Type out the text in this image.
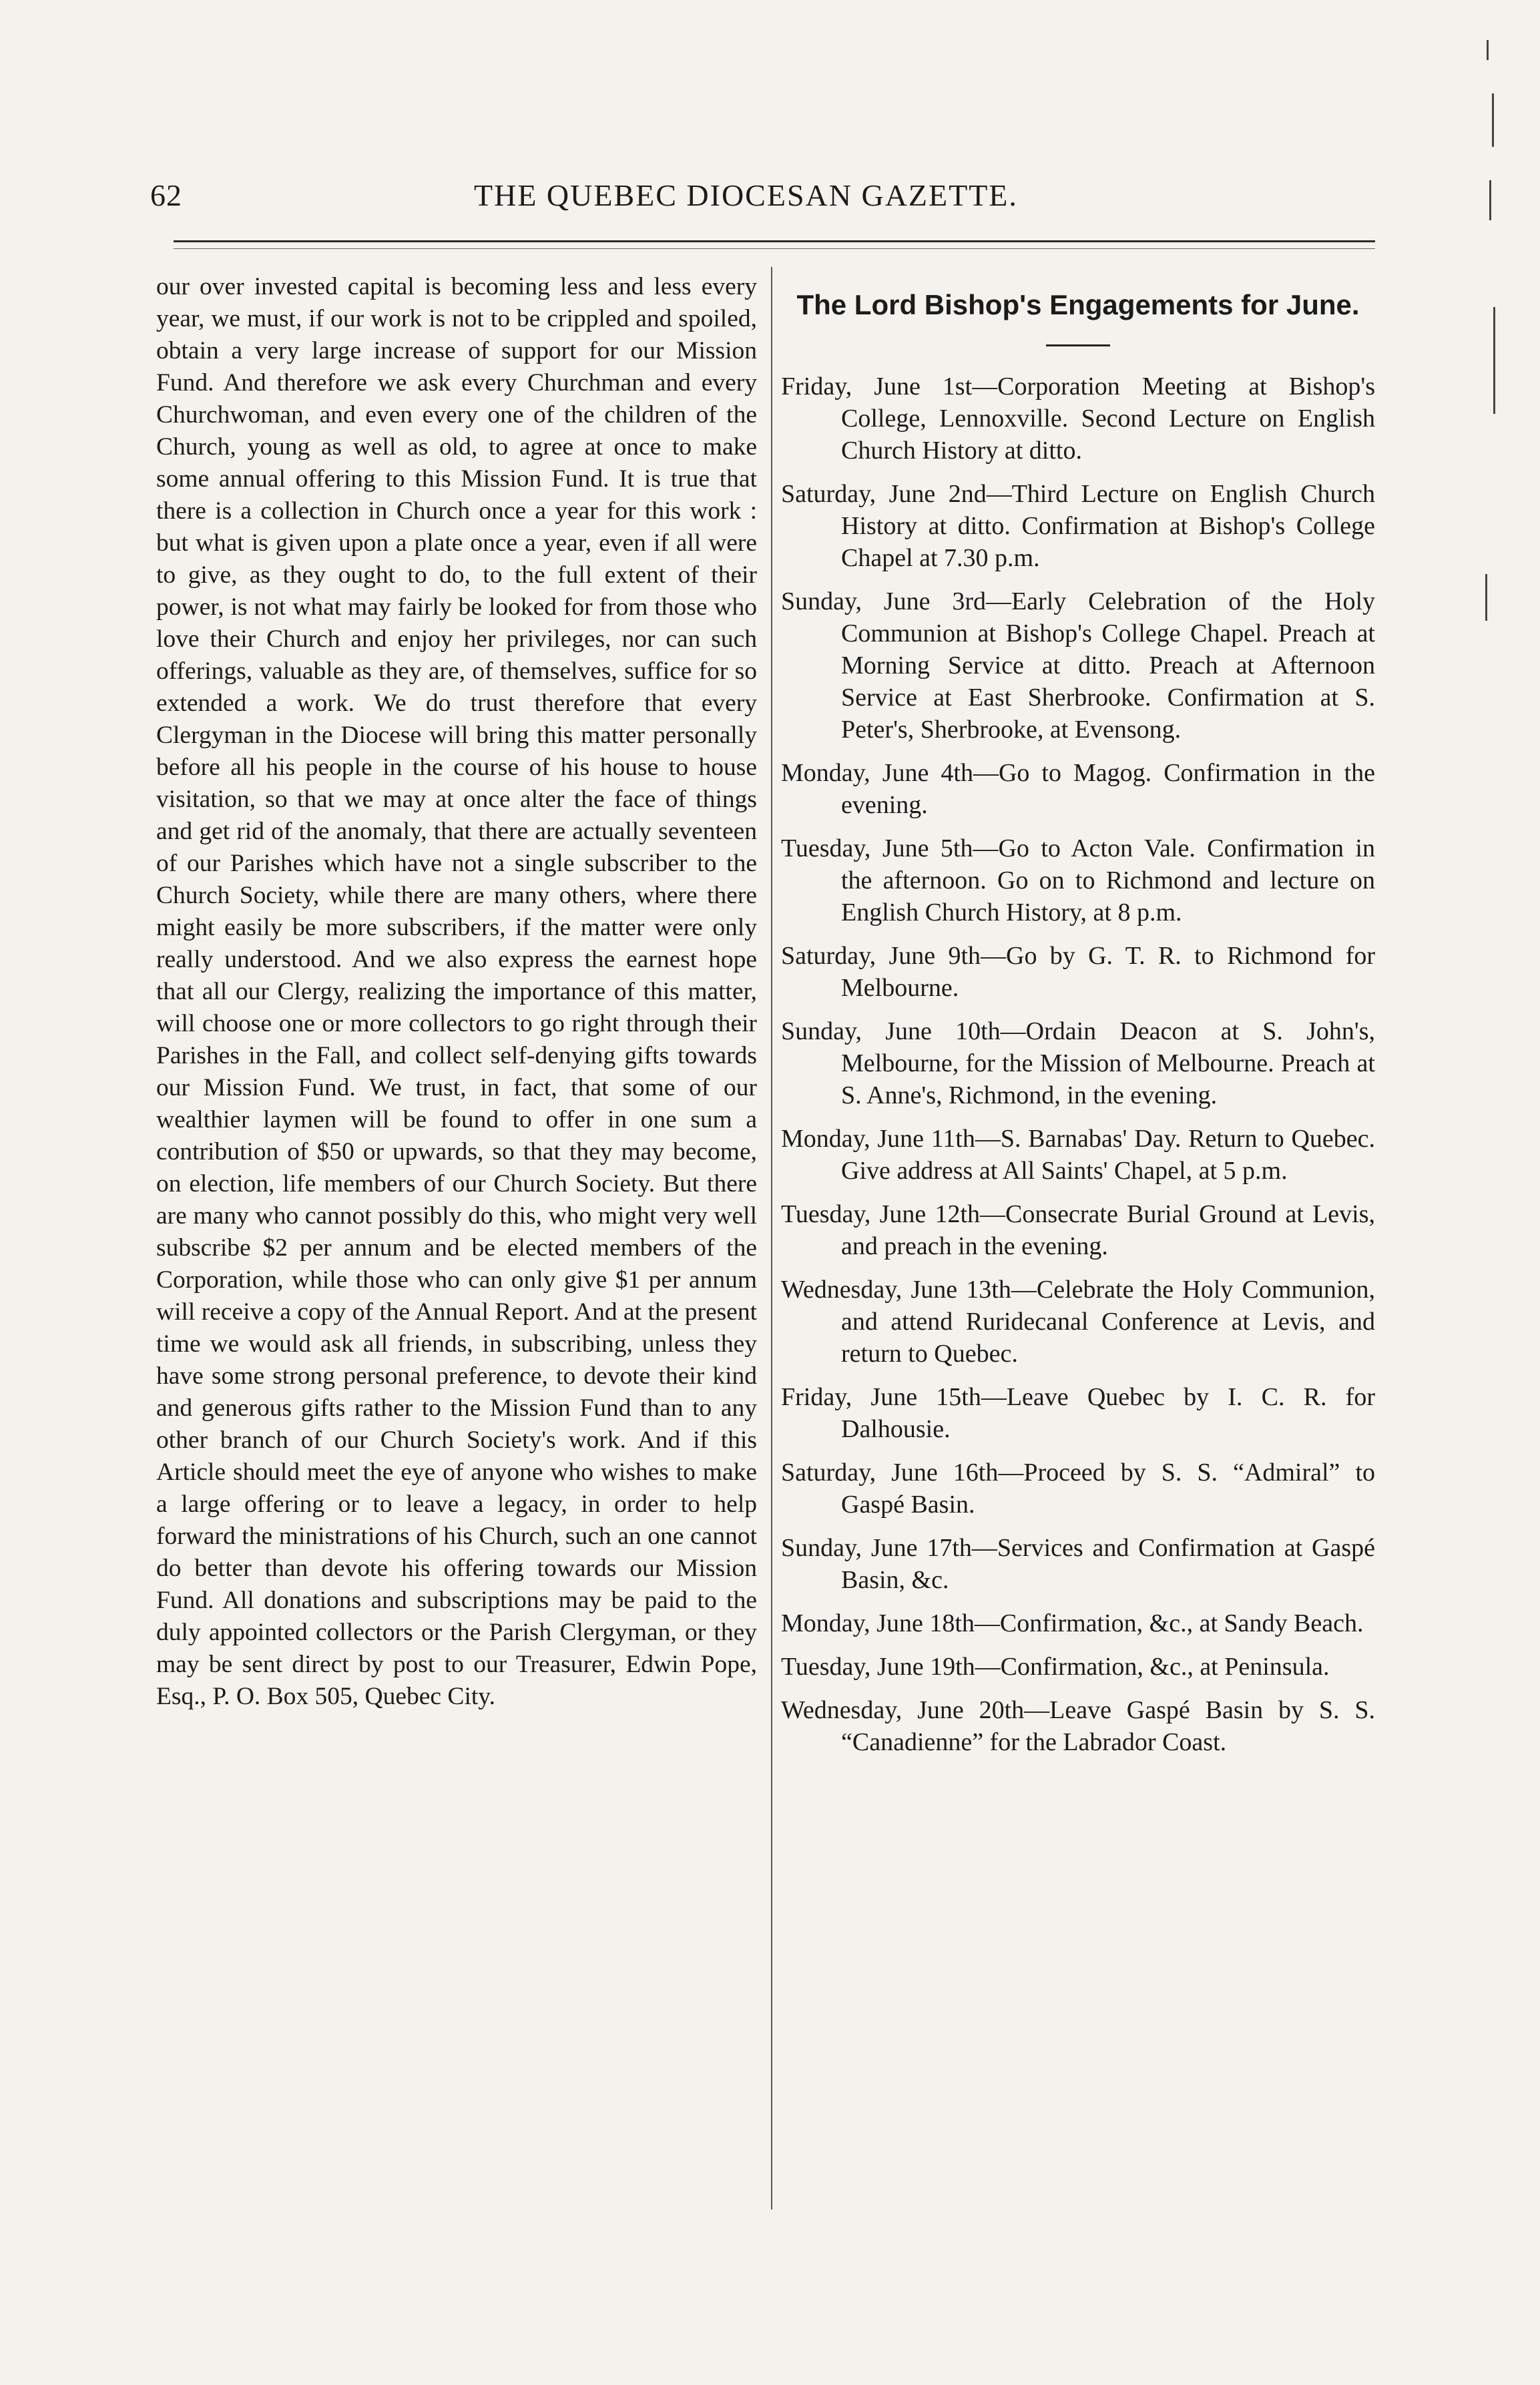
62	THE QUEBEC DIOCESAN GAZETTE.

our over invested capital is becoming less and less every year, we must, if our work is not to be crippled and spoiled, obtain a very large increase of support for our Mission Fund. And therefore we ask every Churchman and every Churchwoman, and even every one of the children of the Church, young as well as old, to agree at once to make some annual offering to this Mission Fund. It is true that there is a collection in Church once a year for this work : but what is given upon a plate once a year, even if all were to give, as they ought to do, to the full extent of their power, is not what may fairly be looked for from those who love their Church and enjoy her privileges, nor can such offerings, valuable as they are, of themselves, suffice for so extended a work. We do trust therefore that every Clergyman in the Diocese will bring this matter personally before all his people in the course of his house to house visitation, so that we may at once alter the face of things and get rid of the anomaly, that there are actually seventeen of our Parishes which have not a single subscriber to the Church Society, while there are many others, where there might easily be more subscribers, if the matter were only really understood. And we also express the earnest hope that all our Clergy, realizing the importance of this matter, will choose one or more collectors to go right through their Parishes in the Fall, and collect self-denying gifts towards our Mission Fund. We trust, in fact, that some of our wealthier laymen will be found to offer in one sum a contribution of $50 or upwards, so that they may become, on election, life members of our Church Society. But there are many who cannot possibly do this, who might very well subscribe $2 per annum and be elected members of the Corporation, while those who can only give $1 per annum will receive a copy of the Annual Report. And at the present time we would ask all friends, in subscribing, unless they have some strong personal preference, to devote their kind and generous gifts rather to the Mission Fund than to any other branch of our Church Society's work. And if this Article should meet the eye of anyone who wishes to make a large offering or to leave a legacy, in order to help forward the ministrations of his Church, such an one cannot do better than devote his offering towards our Mission Fund. All donations and subscriptions may be paid to the duly appointed collectors or the Parish Clergyman, or they may be sent direct by post to our Treasurer, Edwin Pope, Esq., P. O. Box 505, Quebec City.

The Lord Bishop's Engagements for June.
Friday, June 1st—Corporation Meeting at Bishop's College, Lennoxville. Second Lecture on English Church History at ditto.
Saturday, June 2nd—Third Lecture on English Church History at ditto. Confirmation at Bishop's College Chapel at 7.30 p.m.
Sunday, June 3rd—Early Celebration of the Holy Communion at Bishop's College Chapel. Preach at Morning Service at ditto. Preach at Afternoon Service at East Sherbrooke. Confirmation at S. Peter's, Sherbrooke, at Evensong.
Monday, June 4th—Go to Magog. Confirmation in the evening.
Tuesday, June 5th—Go to Acton Vale. Confirmation in the afternoon. Go on to Richmond and lecture on English Church History, at 8 p.m.
Saturday, June 9th—Go by G. T. R. to Richmond for Melbourne.
Sunday, June 10th—Ordain Deacon at S. John's, Melbourne, for the Mission of Melbourne. Preach at S. Anne's, Richmond, in the evening.
Monday, June 11th—S. Barnabas' Day. Return to Quebec. Give address at All Saints' Chapel, at 5 p.m.
Tuesday, June 12th—Consecrate Burial Ground at Levis, and preach in the evening.
Wednesday, June 13th—Celebrate the Holy Communion, and attend Ruridecanal Conference at Levis, and return to Quebec.
Friday, June 15th—Leave Quebec by I. C. R. for Dalhousie.
Saturday, June 16th—Proceed by S. S. “Admiral” to Gaspé Basin.
Sunday, June 17th—Services and Confirmation at Gaspé Basin, &c.
Monday, June 18th—Confirmation, &c., at Sandy Beach.
Tuesday, June 19th—Confirmation, &c., at Peninsula.
Wednesday, June 20th—Leave Gaspé Basin by S. S. “Canadienne” for the Labrador Coast.
